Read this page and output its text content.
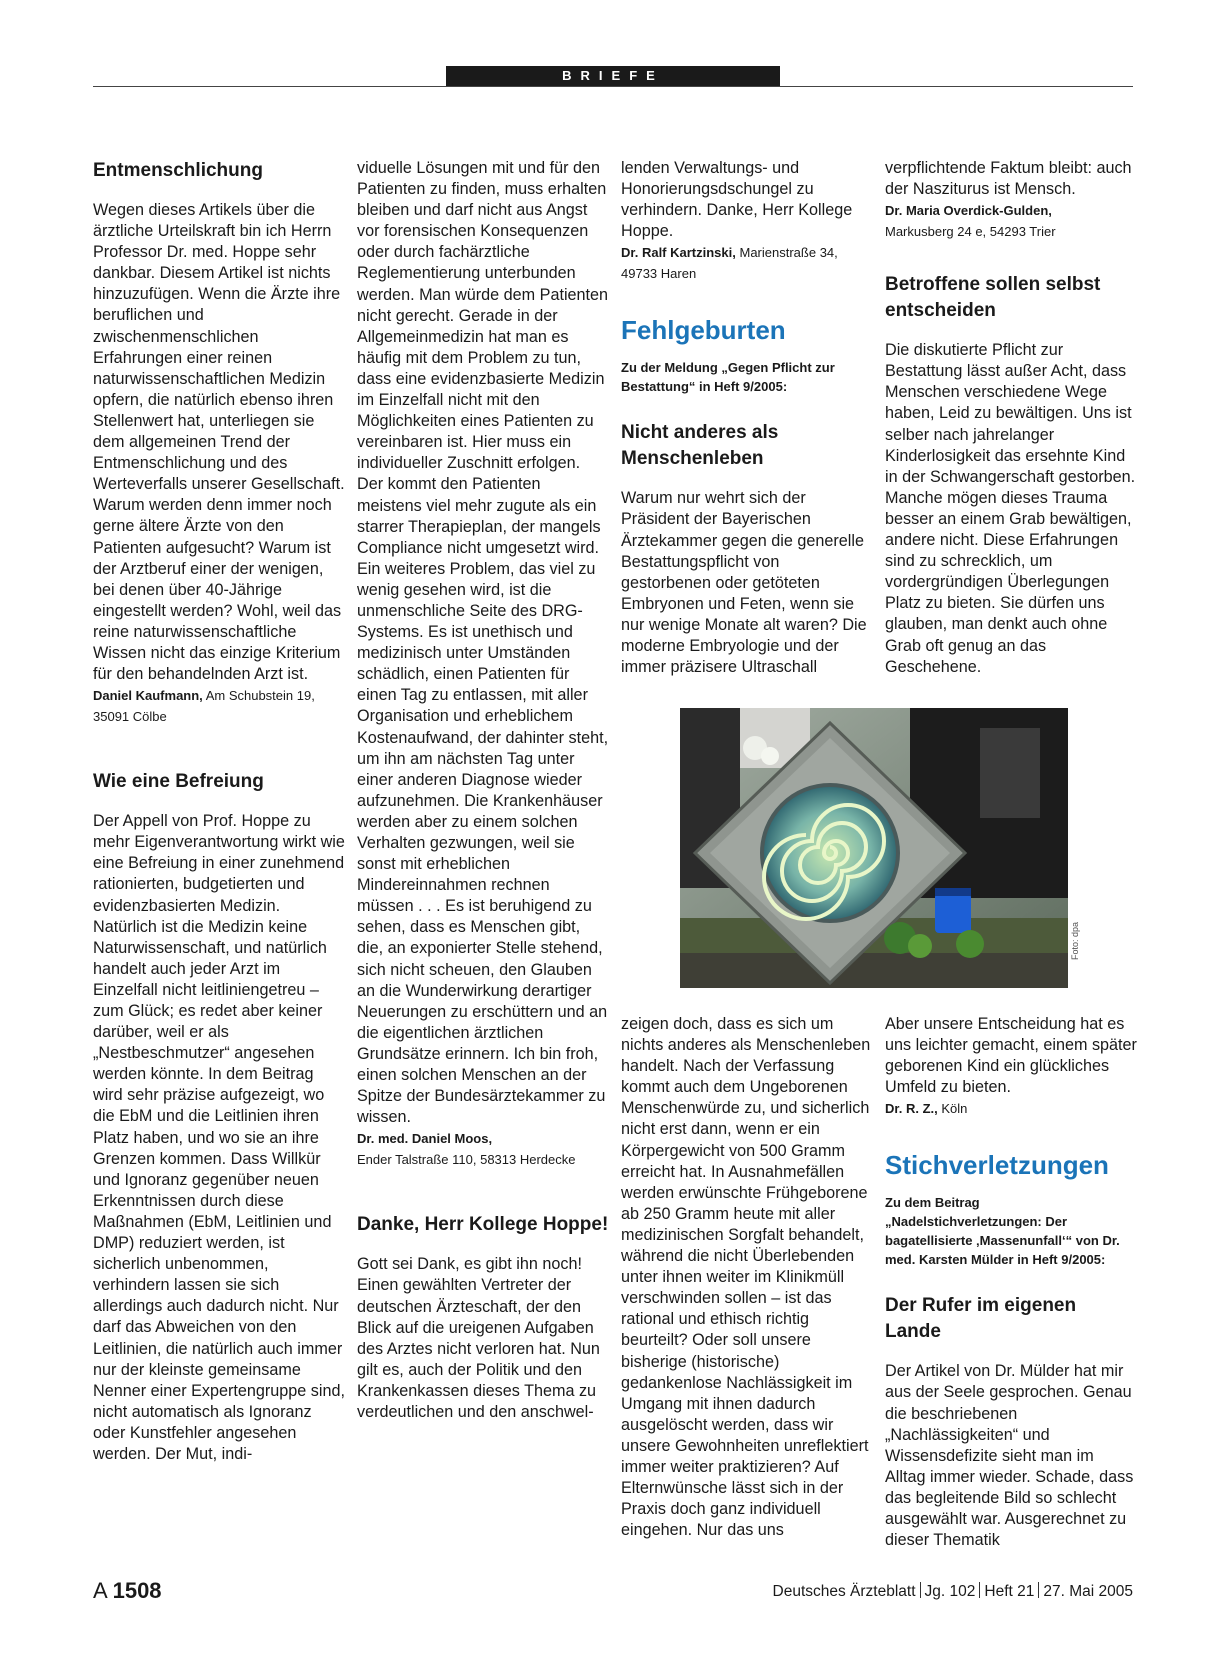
BRIEFE
Entmenschlichung

Wegen dieses Artikels über die ärztliche Urteilskraft bin ich Herrn Professor Dr. med. Hoppe sehr dankbar. Diesem Artikel ist nichts hinzuzufügen. Wenn die Ärzte ihre beruflichen und zwischenmenschlichen Erfahrungen einer reinen naturwissenschaftlichen Medizin opfern, die natürlich ebenso ihren Stellenwert hat, unterliegen sie dem allgemeinen Trend der Entmenschlichung und des Werteverfalls unserer Gesellschaft. Warum werden denn immer noch gerne ältere Ärzte von den Patienten aufgesucht? Warum ist der Arztberuf einer der wenigen, bei denen über 40-Jährige eingestellt werden? Wohl, weil das reine naturwissenschaftliche Wissen nicht das einzige Kriterium für den behandelnden Arzt ist.

Daniel Kaufmann, Am Schubstein 19,
35091 Cölbe

Wie eine Befreiung

Der Appell von Prof. Hoppe zu mehr Eigenverantwortung wirkt wie eine Befreiung in einer zunehmend rationierten, budgetierten und evidenzbasierten Medizin. Natürlich ist die Medizin keine Naturwissenschaft, und natürlich handelt auch jeder Arzt im Einzelfall nicht leitliniengetreu – zum Glück; es redet aber keiner darüber, weil er als „Nestbeschmutzer“ angesehen werden könnte. In dem Beitrag wird sehr präzise aufgezeigt, wo die EbM und die Leitlinien ihren Platz haben, und wo sie an ihre Grenzen kommen. Dass Willkür und Ignoranz gegenüber neuen Erkenntnissen durch diese Maßnahmen (EbM, Leitlinien und DMP) reduziert werden, ist sicherlich unbenommen, verhindern lassen sie sich allerdings auch dadurch nicht. Nur darf das Abweichen von den Leitlinien, die natürlich auch immer nur der kleinste gemeinsame Nenner einer Expertengruppe sind, nicht automatisch als Ignoranz oder Kunstfehler angesehen werden. Der Mut, indi-

viduelle Lösungen mit und für den Patienten zu finden, muss erhalten bleiben und darf nicht aus Angst vor forensischen Konsequenzen oder durch fachärztliche Reglementierung unterbunden werden. Man würde dem Patienten nicht gerecht. Gerade in der Allgemeinmedizin hat man es häufig mit dem Problem zu tun, dass eine evidenzbasierte Medizin im Einzelfall nicht mit den Möglichkeiten eines Patienten zu vereinbaren ist. Hier muss ein individueller Zuschnitt erfolgen. Der kommt den Patienten meistens viel mehr zugute als ein starrer Therapieplan, der mangels Compliance nicht umgesetzt wird. Ein weiteres Problem, das viel zu wenig gesehen wird, ist die unmenschliche Seite des DRG-Systems. Es ist unethisch und medizinisch unter Umständen schädlich, einen Patienten für einen Tag zu entlassen, mit aller Organisation und erheblichem Kostenaufwand, der dahinter steht, um ihn am nächsten Tag unter einer anderen Diagnose wieder aufzunehmen. Die Krankenhäuser werden aber zu einem solchen Verhalten gezwungen, weil sie sonst mit erheblichen Mindereinnahmen rechnen müssen . . . Es ist beruhigend zu sehen, dass es Menschen gibt, die, an exponierter Stelle stehend, sich nicht scheuen, den Glauben an die Wunderwirkung derartiger Neuerungen zu erschüttern und an die eigentlichen ärztlichen Grundsätze erinnern. Ich bin froh, einen solchen Menschen an der Spitze der Bundesärztekammer zu wissen.

Dr. med. Daniel Moos,
Ender Talstraße 110, 58313 Herdecke

Danke, Herr Kollege Hoppe!

Gott sei Dank, es gibt ihn noch! Einen gewählten Vertreter der deutschen Ärzteschaft, der den Blick auf die ureigenen Aufgaben des Arztes nicht verloren hat. Nun gilt es, auch der Politik und den Krankenkassen dieses Thema zu verdeutlichen und den anschwel-

lenden Verwaltungs- und Honorierungsdschungel zu verhindern. Danke, Herr Kollege Hoppe.

Dr. Ralf Kartzinski, Marienstraße 34,
49733 Haren

Fehlgeburten

Zu der Meldung „Gegen Pflicht zur Bestattung“ in Heft 9/2005:

Nicht anderes als Menschenleben

Warum nur wehrt sich der Präsident der Bayerischen Ärztekammer gegen die generelle Bestattungspflicht von gestorbenen oder getöteten Embryonen und Feten, wenn sie nur wenige Monate alt waren? Die moderne Embryologie und der immer präzisere Ultraschall

verpflichtende Faktum bleibt: auch der Nasziturus ist Mensch.

Dr. Maria Overdick-Gulden,
Markusberg 24 e, 54293 Trier

Betroffene sollen selbst entscheiden

Die diskutierte Pflicht zur Bestattung lässt außer Acht, dass Menschen verschiedene Wege haben, Leid zu bewältigen. Uns ist selber nach jahrelanger Kinderlosigkeit das ersehnte Kind in der Schwangerschaft gestorben. Manche mögen dieses Trauma besser an einem Grab bewältigen, andere nicht. Diese Erfahrungen sind zu schrecklich, um vordergründigen Überlegungen Platz zu bieten. Sie dürfen uns glauben, man denkt auch ohne Grab oft genug an das Geschehene.

Foto: dpa

zeigen doch, dass es sich um nichts anderes als Menschenleben handelt. Nach der Verfassung kommt auch dem Ungeborenen Menschenwürde zu, und sicherlich nicht erst dann, wenn er ein Körpergewicht von 500 Gramm erreicht hat. In Ausnahmefällen werden erwünschte Frühgeborene ab 250 Gramm heute mit aller medizinischen Sorgfalt behandelt, während die nicht Überlebenden unter ihnen weiter im Klinikmüll verschwinden sollen – ist das rational und ethisch richtig beurteilt? Oder soll unsere bisherige (historische) gedankenlose Nachlässigkeit im Umgang mit ihnen dadurch ausgelöscht werden, dass wir unsere Gewohnheiten unreflektiert immer weiter praktizieren? Auf Elternwünsche lässt sich in der Praxis doch ganz individuell eingehen. Nur das uns

Aber unsere Entscheidung hat es uns leichter gemacht, einem später geborenen Kind ein glückliches Umfeld zu bieten.

Dr. R. Z., Köln

Stichverletzungen

Zu dem Beitrag „Nadelstichverletzungen: Der bagatellisierte ‚Massenunfall‘“ von Dr. med. Karsten Mülder in Heft 9/2005:

Der Rufer im eigenen Lande

Der Artikel von Dr. Mülder hat mir aus der Seele gesprochen. Genau die beschriebenen „Nachlässigkeiten“ und Wissensdefizite sieht man im Alltag immer wieder. Schade, dass das begleitende Bild so schlecht ausgewählt war. Ausgerechnet zu dieser Thematik

A 1508	Deutsches Ärzteblatt Jg. 102 Heft 21 27. Mai 2005
